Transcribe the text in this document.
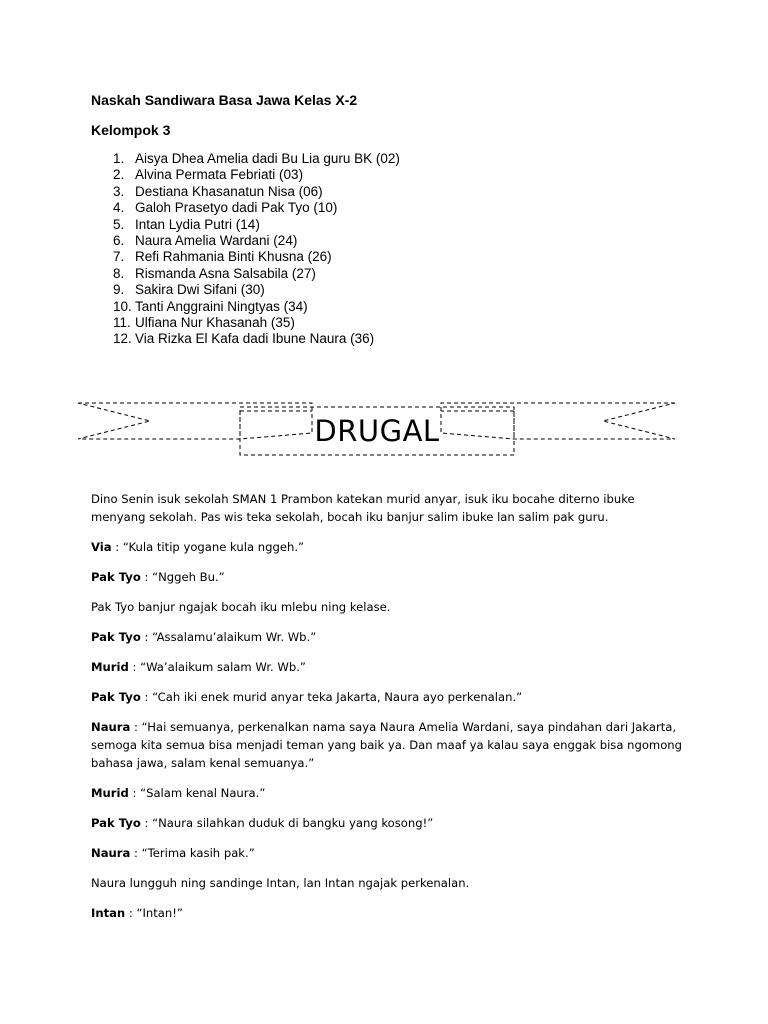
Naskah Sandiwara Basa Jawa Kelas X-2
Kelompok 3
1. Aisya Dhea Amelia dadi Bu Lia guru BK (02)
2. Alvina Permata Febriati (03)
3. Destiana Khasanatun Nisa (06)
4. Galoh Prasetyo dadi Pak Tyo (10)
5. Intan Lydia Putri (14)
6. Naura Amelia Wardani (24)
7. Refi Rahmania Binti Khusna (26)
8. Rismanda Asna Salsabila (27)
9. Sakira Dwi Sifani (30)
10. Tanti Anggraini Ningtyas (34)
11. Ulfiana Nur Khasanah (35)
12. Via Rizka El Kafa dadi Ibune Naura (36)
DRUGAL

Dino Senin isuk sekolah SMAN 1 Prambon katekan murid anyar, isuk iku bocahe diterno ibuke menyang sekolah. Pas wis teka sekolah, bocah iku banjur salim ibuke lan salim pak guru.

Via : “Kula titip yogane kula nggeh.”

Pak Tyo : “Nggeh Bu.”

Pak Tyo banjur ngajak bocah iku mlebu ning kelase.

Pak Tyo : “Assalamu’alaikum Wr. Wb.”

Murid : “Wa’alaikum salam Wr. Wb.”

Pak Tyo : “Cah iki enek murid anyar teka Jakarta, Naura ayo perkenalan.”

Naura : “Hai semuanya, perkenalkan nama saya Naura Amelia Wardani, saya pindahan dari Jakarta, semoga kita semua bisa menjadi teman yang baik ya. Dan maaf ya kalau saya enggak bisa ngomong bahasa jawa, salam kenal semuanya.”

Murid : “Salam kenal Naura.”

Pak Tyo : “Naura silahkan duduk di bangku yang kosong!”

Naura : “Terima kasih pak.”

Naura lungguh ning sandinge Intan, lan Intan ngajak perkenalan.

Intan : “Intan!”
